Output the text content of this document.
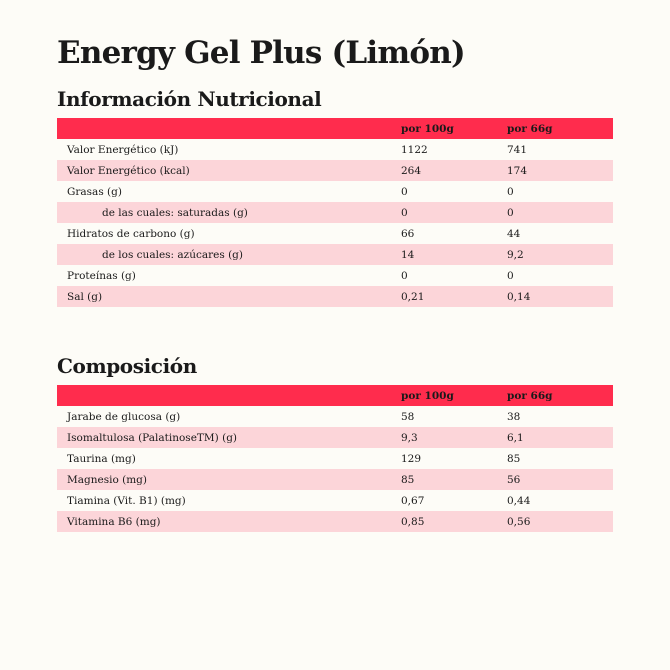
Energy Gel Plus (Limón)
Información Nutricional
	por 100g	por 66g
Valor Energético (kJ)	1122	741
Valor Energético (kcal)	264	174
Grasas (g)	0	0
de las cuales: saturadas (g)	0	0
Hidratos de carbono (g)	66	44
de los cuales: azúcares (g)	14	9,2
Proteínas (g)	0	0
Sal (g)	0,21	0,14
Composición
	por 100g	por 66g
Jarabe de glucosa (g)	58	38
Isomaltulosa (PalatinoseTM) (g)	9,3	6,1
Taurina (mg)	129	85
Magnesio (mg)	85	56
Tiamina (Vit. B1) (mg)	0,67	0,44
Vitamina B6 (mg)	0,85	0,56
